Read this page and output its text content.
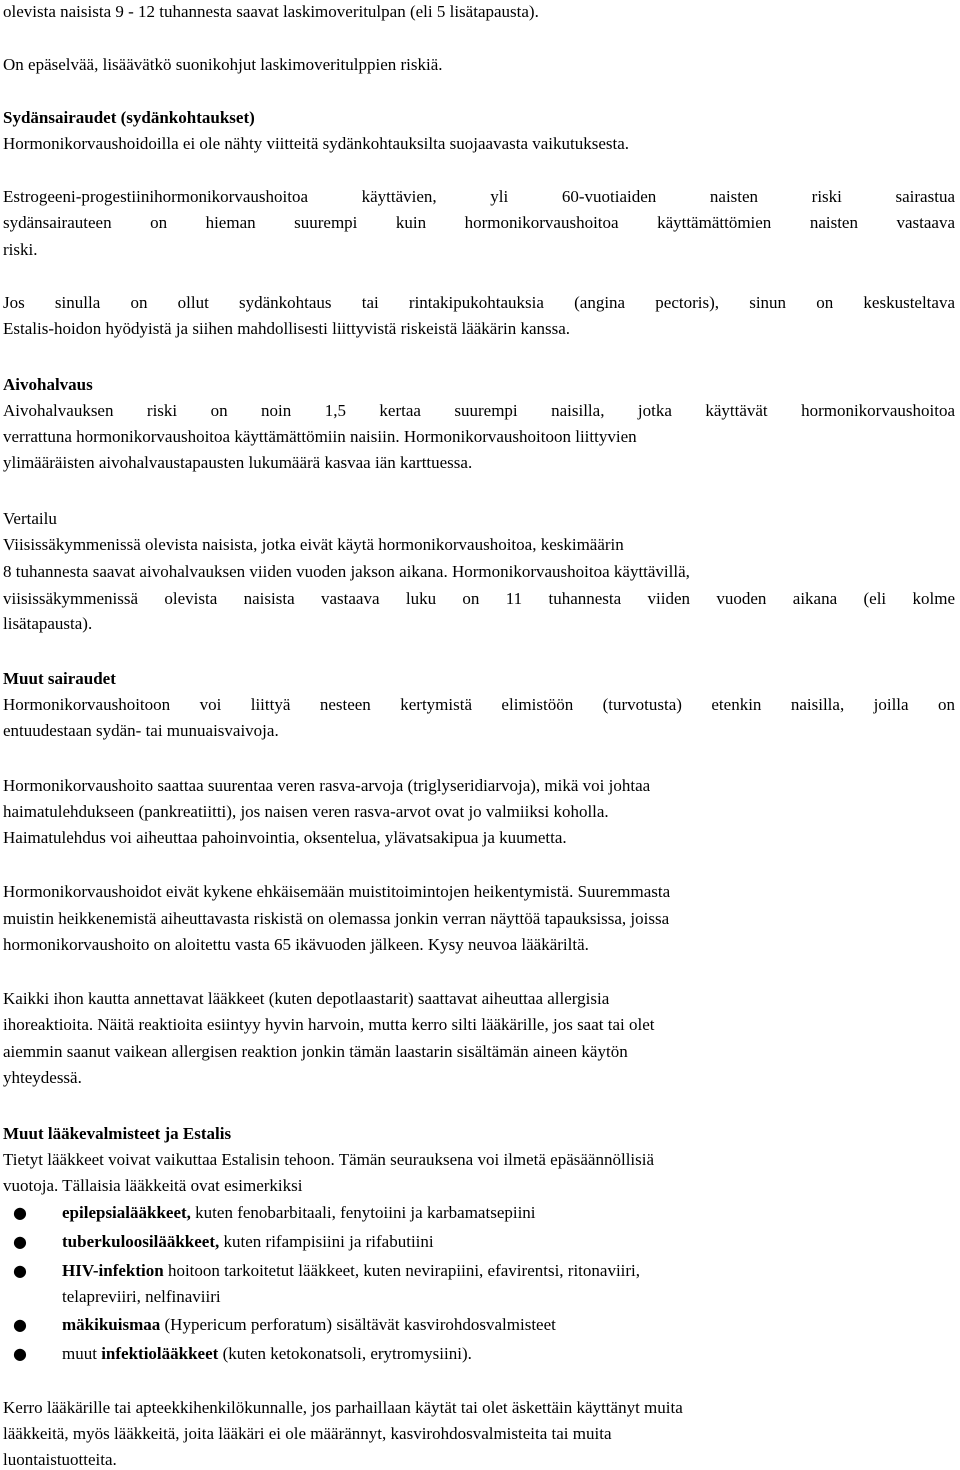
olevista naisista 9 - 12 tuhannesta saavat laskimoveritulpan (eli 5 lisätapausta).
On epäselvää, lisäävätkö suonikohjut laskimoveritulppien riskiä.
Sydänsairaudet (sydänkohtaukset)
Hormonikorvaushoidoilla ei ole nähty viitteitä sydänkohtauksilta suojaavasta vaikutuksesta.
Estrogeeni-progestiinihormonikorvaushoitoa käyttävien, yli 60-vuotiaiden naisten riski sairastua
sydänsairauteen on hieman suurempi kuin hormonikorvaushoitoa käyttämättömien naisten vastaava
riski.
Jos sinulla on ollut sydänkohtaus tai rintakipukohtauksia (angina pectoris), sinun on keskusteltava
Estalis-hoidon hyödyistä ja siihen mahdollisesti liittyvistä riskeistä lääkärin kanssa.
Aivohalvaus
Aivohalvauksen riski on noin 1,5 kertaa suurempi naisilla, jotka käyttävät hormonikorvaushoitoa
verrattuna hormonikorvaushoitoa käyttämättömiin naisiin. Hormonikorvaushoitoon liittyvien
ylimääräisten aivohalvaustapausten lukumäärä kasvaa iän karttuessa.
Vertailu
Viisissäkymmenissä olevista naisista, jotka eivät käytä hormonikorvaushoitoa, keskimäärin
8 tuhannesta saavat aivohalvauksen viiden vuoden jakson aikana. Hormonikorvaushoitoa käyttävillä,
viisissäkymmenissä olevista naisista vastaava luku on 11 tuhannesta viiden vuoden aikana (eli kolme
lisätapausta).
Muut sairaudet
Hormonikorvaushoitoon voi liittyä nesteen kertymistä elimistöön (turvotusta) etenkin naisilla, joilla on
entuudestaan sydän- tai munuaisvaivoja.
Hormonikorvaushoito saattaa suurentaa veren rasva-arvoja (triglyseridiarvoja), mikä voi johtaa
haimatulehdukseen (pankreatiitti), jos naisen veren rasva-arvot ovat jo valmiiksi koholla.
Haimatulehdus voi aiheuttaa pahoinvointia, oksentelua, ylävatsakipua ja kuumetta.
Hormonikorvaushoidot eivät kykene ehkäisemään muistitoimintojen heikentymistä. Suuremmasta
muistin heikkenemistä aiheuttavasta riskistä on olemassa jonkin verran näyttöä tapauksissa, joissa
hormonikorvaushoito on aloitettu vasta 65 ikävuoden jälkeen. Kysy neuvoa lääkäriltä.
Kaikki ihon kautta annettavat lääkkeet (kuten depotlaastarit) saattavat aiheuttaa allergisia
ihoreaktioita. Näitä reaktioita esiintyy hyvin harvoin, mutta kerro silti lääkärille, jos saat tai olet
aiemmin saanut vaikean allergisen reaktion jonkin tämän laastarin sisältämän aineen käytön
yhteydessä.
Muut lääkevalmisteet ja Estalis
Tietyt lääkkeet voivat vaikuttaa Estalisin tehoon. Tämän seurauksena voi ilmetä epäsäännöllisiä
vuotoja. Tällaisia lääkkeitä ovat esimerkiksi
● epilepsialääkkeet, kuten fenobarbitaali, fenytoiini ja karbamatsepiini
● tuberkuloosilääkkeet, kuten rifampisiini ja rifabutiini
● HIV-infektion hoitoon tarkoitetut lääkkeet, kuten nevirapiini, efavirentsi, ritonaviiri,
telapreviiri, nelfinaviiri
● mäkikuismaa (Hypericum perforatum) sisältävät kasvirohdosvalmisteet
● muut infektiolääkkeet (kuten ketokonatsoli, erytromysiini).
Kerro lääkärille tai apteekkihenkilökunnalle, jos parhaillaan käytät tai olet äskettäin käyttänyt muita
lääkkeitä, myös lääkkeitä, joita lääkäri ei ole määrännyt, kasvirohdosvalmisteita tai muita
luontaistuotteita.
